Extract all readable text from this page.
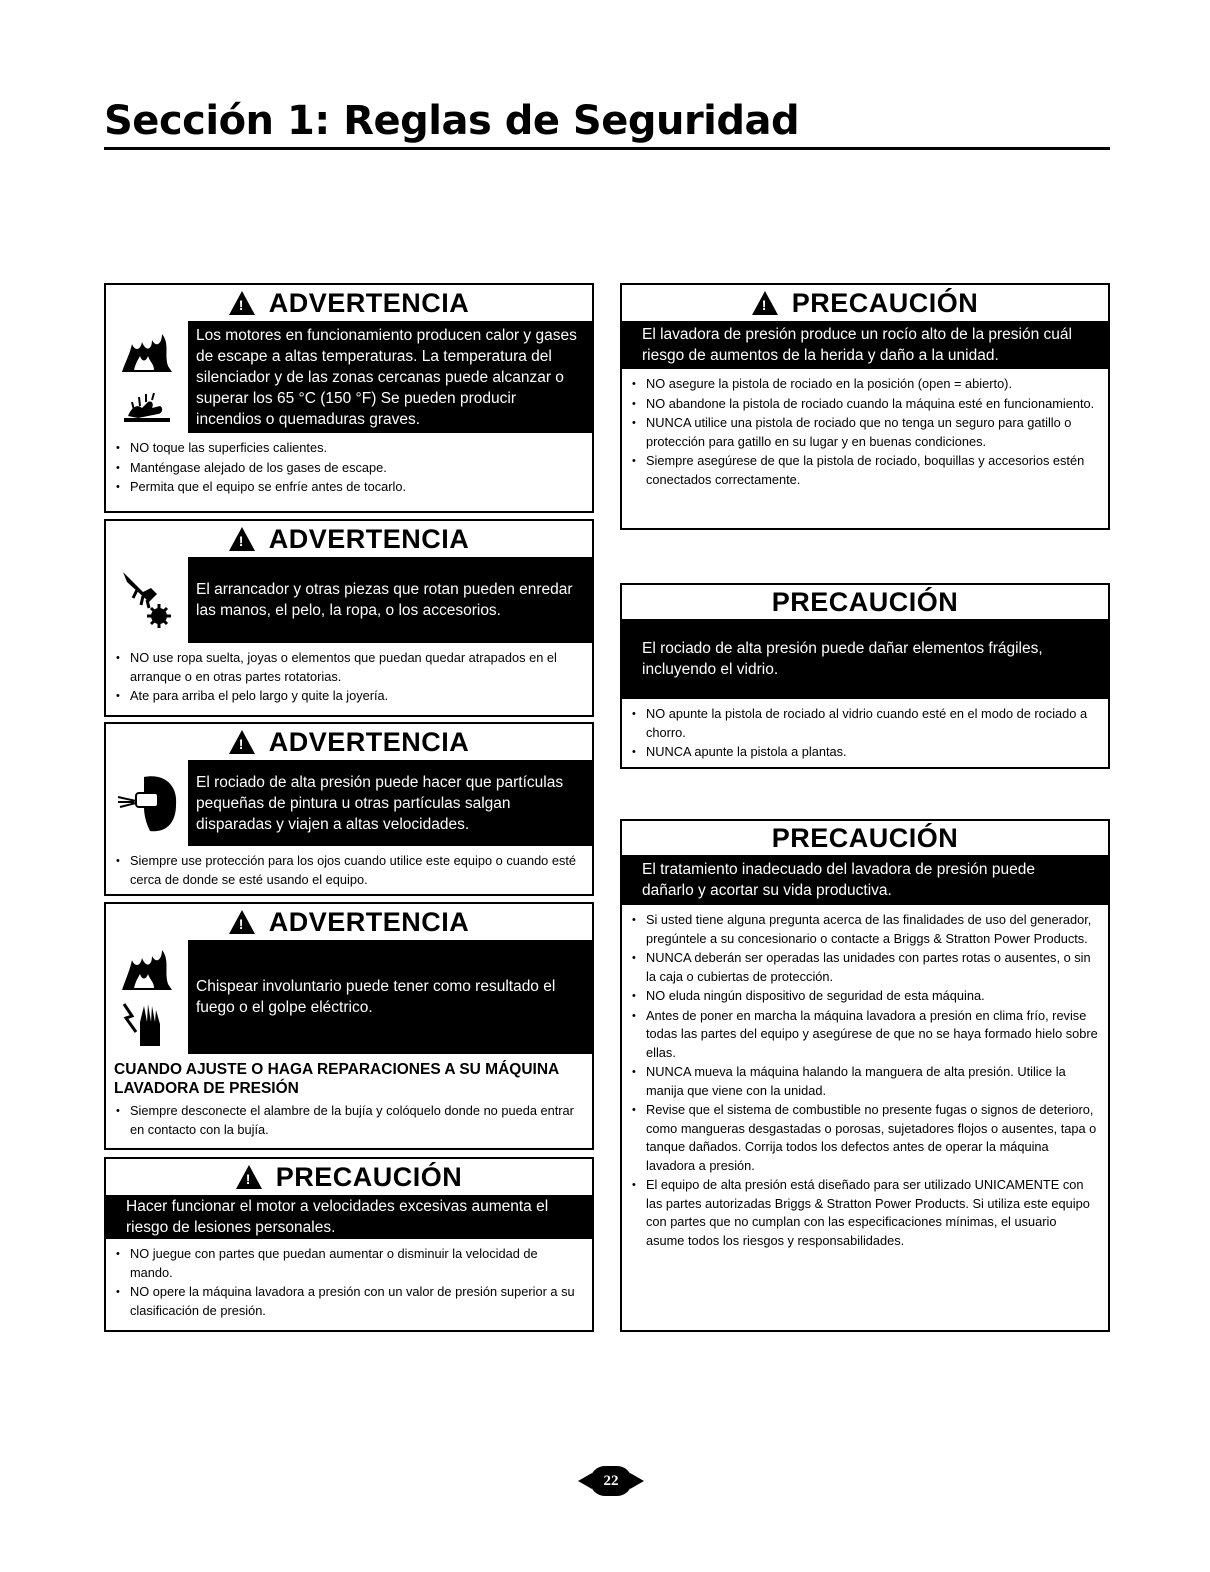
Sección 1: Reglas de Seguridad
!
ADVERTENCIA
Los motores en funcionamiento producen calor y gases de escape a altas temperaturas. La temperatura del silenciador y de las zonas cercanas puede alcanzar o superar los 65 °C (150 °F) Se pueden producir incendios o quemaduras graves.
• NO toque las superficies calientes.
• Manténgase alejado de los gases de escape.
• Permita que el equipo se enfríe antes de tocarlo.
!
ADVERTENCIA
El arrancador y otras piezas que rotan pueden enredar las manos, el pelo, la ropa, o los accesorios.
• NO use ropa suelta, joyas o elementos que puedan quedar atrapados en el arranque o en otras partes rotatorias.
• Ate para arriba el pelo largo y quite la joyería.
!
ADVERTENCIA
El rociado de alta presión puede hacer que partículas pequeñas de pintura u otras partículas salgan disparadas y viajen a altas velocidades.
• Siempre use protección para los ojos cuando utilice este equipo o cuando esté cerca de donde se esté usando el equipo.
!
ADVERTENCIA
Chispear involuntario puede tener como resultado el fuego o el golpe eléctrico.
CUANDO AJUSTE O HAGA REPARACIONES A SU MÁQUINA LAVADORA DE PRESIÓN
• Siempre desconecte el alambre de la bujía y colóquelo donde no pueda entrar en contacto con la bujía.
!
PRECAUCIÓN
Hacer funcionar el motor a velocidades excesivas aumenta el riesgo de lesiones personales.
• NO juegue con partes que puedan aumentar o disminuir la velocidad de mando.
• NO opere la máquina lavadora a presión con un valor de presión superior a su clasificación de presión.
!
PRECAUCIÓN
El lavadora de presión produce un rocío alto de la presión cuál riesgo de aumentos de la herida y daño a la unidad.
• NO asegure la pistola de rociado en la posición (open = abierto).
• NO abandone la pistola de rociado cuando la máquina esté en funcionamiento.
• NUNCA utilice una pistola de rociado que no tenga un seguro para gatillo o protección para gatillo en su lugar y en buenas condiciones.
• Siempre asegúrese de que la pistola de rociado, boquillas y accesorios estén conectados correctamente.
PRECAUCIÓN
El rociado de alta presión puede dañar elementos frágiles, incluyendo el vidrio.
• NO apunte la pistola de rociado al vidrio cuando esté en el modo de rociado a chorro.
• NUNCA apunte la pistola a plantas.
PRECAUCIÓN
El tratamiento inadecuado del lavadora de presión puede dañarlo y acortar su vida productiva.
• Si usted tiene alguna pregunta acerca de las finalidades de uso del generador, pregúntele a su concesionario o contacte a Briggs & Stratton Power Products.
• NUNCA deberán ser operadas las unidades con partes rotas o ausentes, o sin la caja o cubiertas de protección.
• NO eluda ningún dispositivo de seguridad de esta máquina.
• Antes de poner en marcha la máquina lavadora a presión en clima frío, revise todas las partes del equipo y asegúrese de que no se haya formado hielo sobre ellas.
• NUNCA mueva la máquina halando la manguera de alta presión. Utilice la manija que viene con la unidad.
• Revise que el sistema de combustible no presente fugas o signos de deterioro, como mangueras desgastadas o porosas, sujetadores flojos o ausentes, tapa o tanque dañados. Corrija todos los defectos antes de operar la máquina lavadora a presión.
• El equipo de alta presión está diseñado para ser utilizado UNICAMENTE con las partes autorizadas Briggs & Stratton Power Products. Si utiliza este equipo con partes que no cumplan con las especificaciones mínimas, el usuario asume todos los riesgos y responsabilidades.
22
